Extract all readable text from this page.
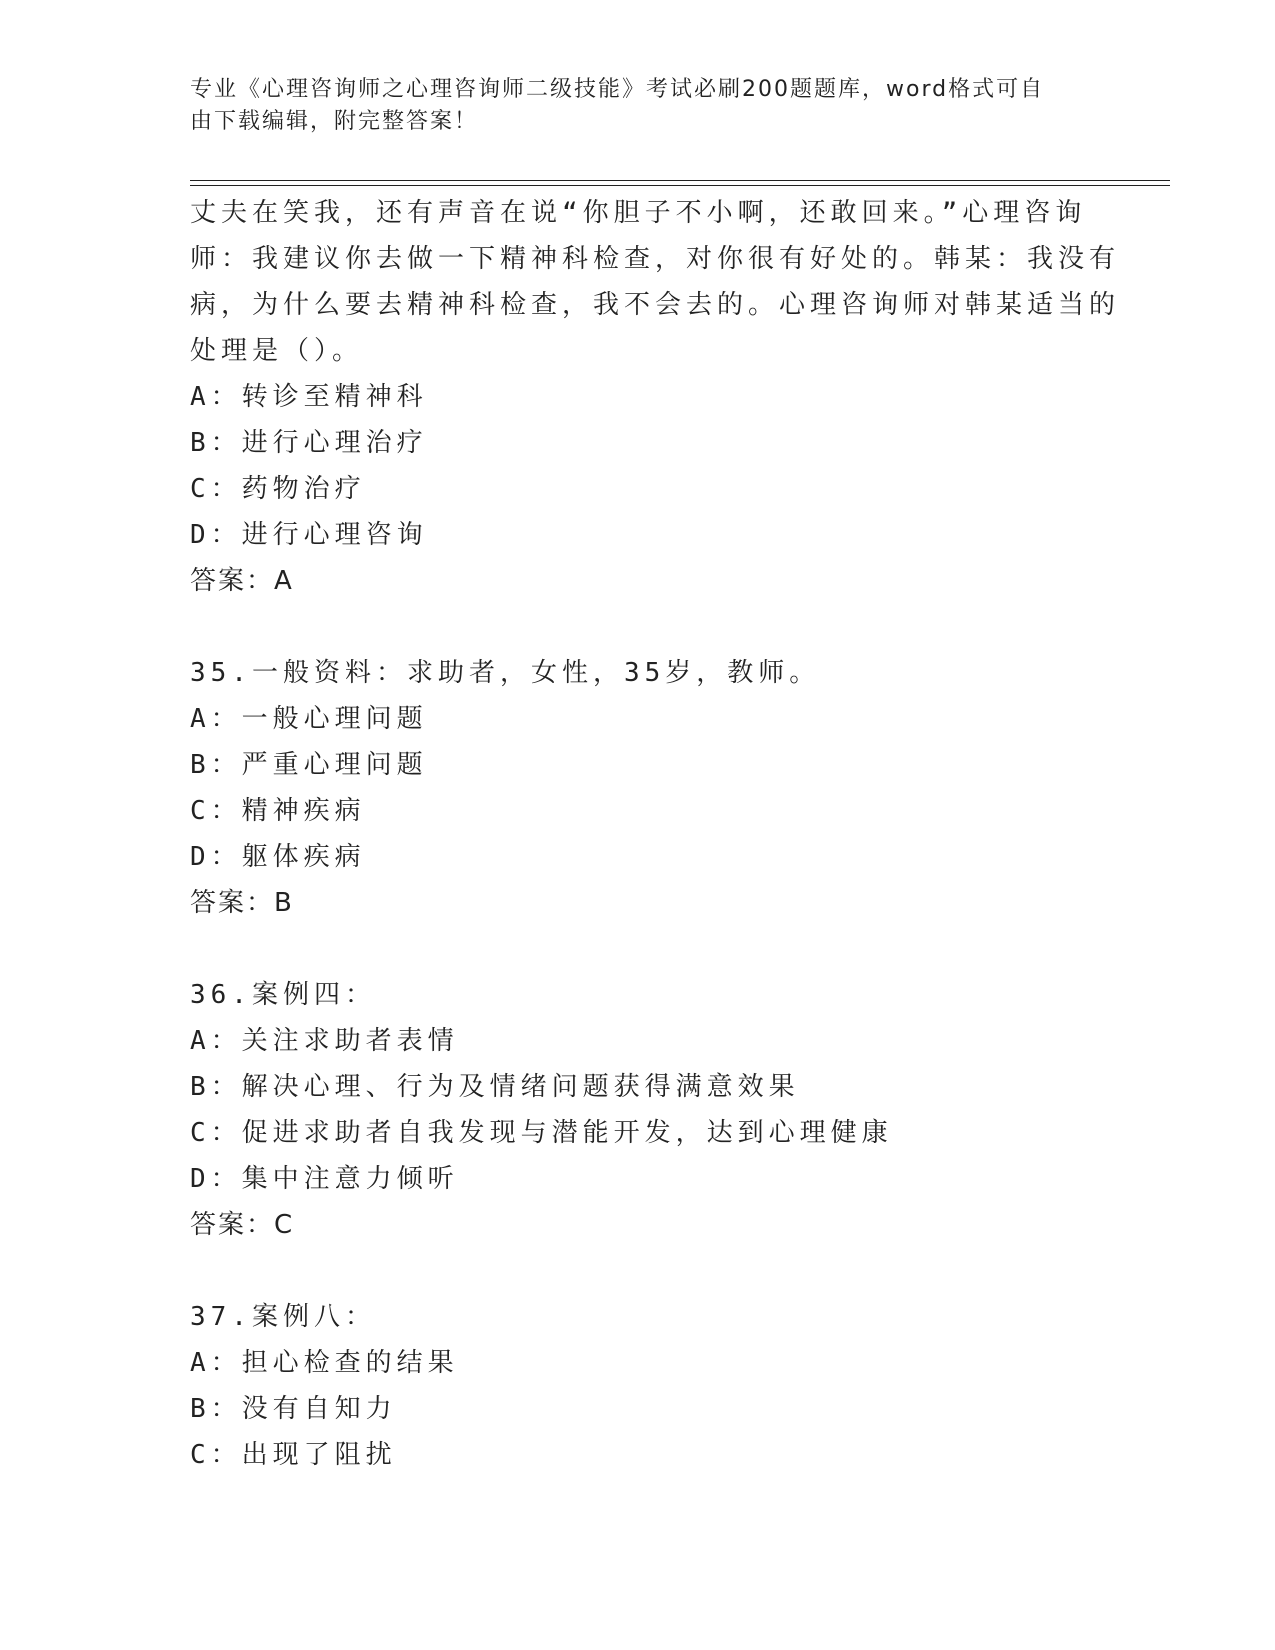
专业《心理咨询师之心理咨询师二级技能》考试必刷200题题库，word格式可自
由下载编辑，附完整答案！
丈夫在笑我，还有声音在说“你胆子不小啊，还敢回来。”心理咨询
师：我建议你去做一下精神科检查，对你很有好处的。韩某：我没有
病，为什么要去精神科检查，我不会去的。心理咨询师对韩某适当的
处理是（）。
A：转诊至精神科
B：进行心理治疗
C：药物治疗
D：进行心理咨询
答案：A
35.一般资料：求助者，女性，35岁，教师。
A：一般心理问题
B：严重心理问题
C：精神疾病
D：躯体疾病
答案：B
36.案例四：
A：关注求助者表情
B：解决心理、行为及情绪问题获得满意效果
C：促进求助者自我发现与潜能开发，达到心理健康
D：集中注意力倾听
答案：C
37.案例八：
A：担心检查的结果
B：没有自知力
C：出现了阻扰
